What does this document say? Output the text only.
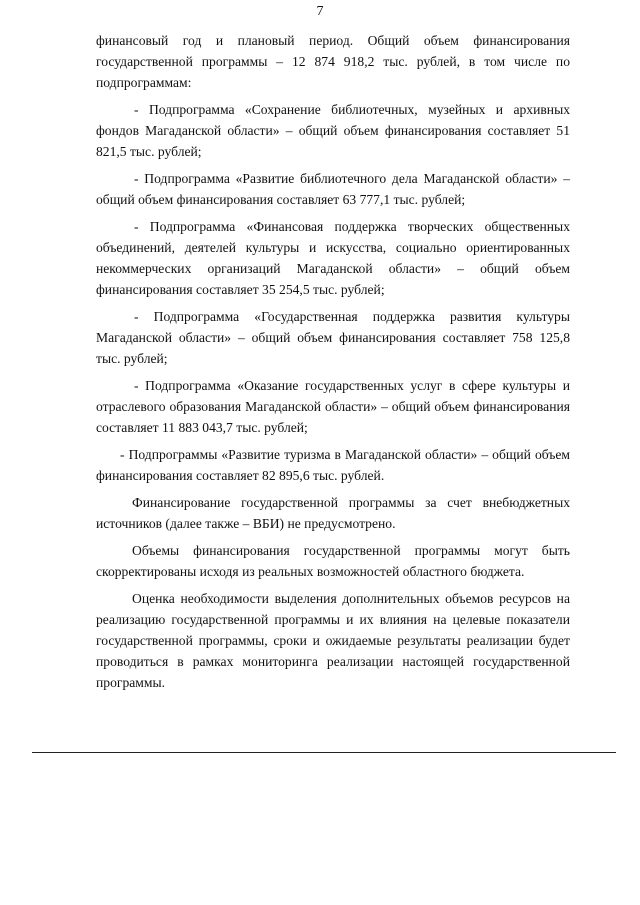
7

финансовый год и плановый период. Общий объем финансирования государственной программы – 12 874 918,2 тыс. рублей, в том числе по подпрограммам:

- Подпрограмма «Сохранение библиотечных, музейных и архивных фондов Магаданской области» – общий объем финансирования составляет 51 821,5 тыс. рублей;

- Подпрограмма «Развитие библиотечного дела Магаданской области» – общий объем финансирования составляет 63 777,1 тыс. рублей;

- Подпрограмма «Финансовая поддержка творческих общественных объединений, деятелей культуры и искусства, социально ориентированных некоммерческих организаций Магаданской области» – общий объем финансирования составляет 35 254,5 тыс. рублей;

- Подпрограмма «Государственная поддержка развития культуры Магаданской области» – общий объем финансирования составляет 758 125,8 тыс. рублей;

- Подпрограмма «Оказание государственных услуг в сфере культуры и отраслевого образования Магаданской области» – общий объем финансирования составляет 11 883 043,7 тыс. рублей;

- Подпрограммы «Развитие туризма в Магаданской области» – общий объем финансирования составляет 82 895,6 тыс. рублей.

Финансирование государственной программы за счет внебюджетных источников (далее также – ВБИ) не предусмотрено.

Объемы финансирования государственной программы могут быть скорректированы исходя из реальных возможностей областного бюджета.

Оценка необходимости выделения дополнительных объемов ресурсов на реализацию государственной программы и их влияния на целевые показатели государственной программы, сроки и ожидаемые результаты реализации будет проводиться в рамках мониторинга реализации настоящей государственной программы.
